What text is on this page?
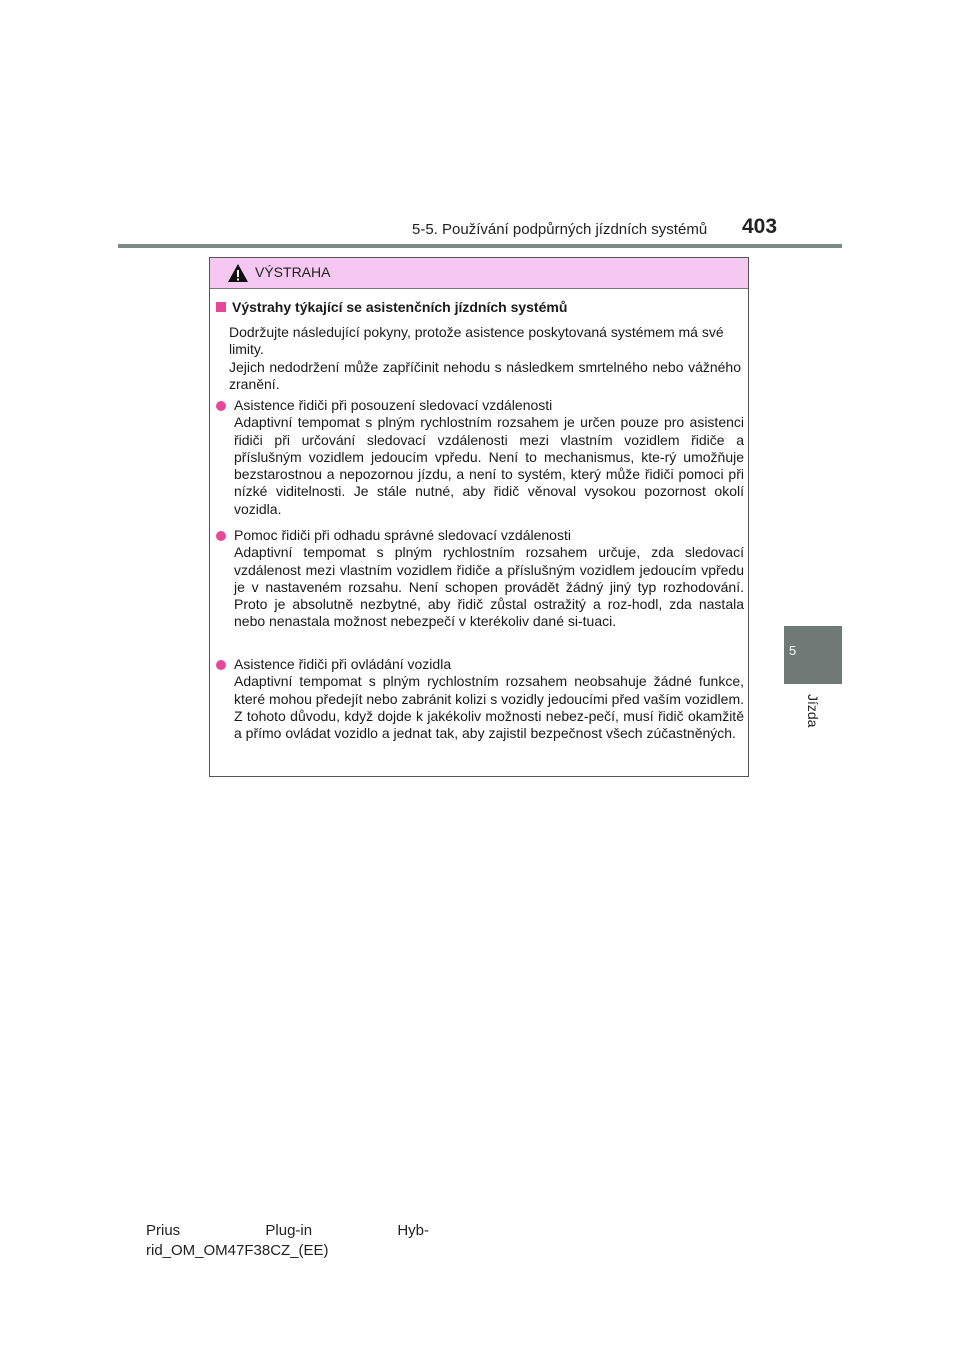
5-5. Používání podpůrných jízdních systémů 403
5
Jízda
VÝSTRAHA
Výstrahy týkající se asistenčních jízdních systémů
Dodržujte následující pokyny, protože asistence poskytovaná systémem má své limity.
Jejich nedodržení může zapříčinit nehodu s následkem smrtelného nebo vážného zranění.
Asistence řidiči při posouzení sledovací vzdálenosti
Adaptivní tempomat s plným rychlostním rozsahem je určen pouze pro asistenci řidiči při určování sledovací vzdálenosti mezi vlastním vozidlem řidiče a příslušným vozidlem jedoucím vpředu. Není to mechanismus, kte-rý umožňuje bezstarostnou a nepozornou jízdu, a není to systém, který může řidiči pomoci při nízké viditelnosti. Je stále nutné, aby řidič věnoval vysokou pozornost okolí vozidla.
Pomoc řidiči při odhadu správné sledovací vzdálenosti
Adaptivní tempomat s plným rychlostním rozsahem určuje, zda sledovací vzdálenost mezi vlastním vozidlem řidiče a příslušným vozidlem jedoucím vpředu je v nastaveném rozsahu. Není schopen provádět žádný jiný typ rozhodování. Proto je absolutně nezbytné, aby řidič zůstal ostražitý a roz-hodl, zda nastala nebo nenastala možnost nebezpečí v kterékoliv dané si-tuaci.
Asistence řidiči při ovládání vozidla
Adaptivní tempomat s plným rychlostním rozsahem neobsahuje žádné funkce, které mohou předejít nebo zabránit kolizi s vozidly jedoucími před vaším vozidlem. Z tohoto důvodu, když dojde k jakékoliv možnosti nebez-pečí, musí řidič okamžitě a přímo ovládat vozidlo a jednat tak, aby zajistil bezpečnost všech zúčastněných.
Prius	Plug-in	Hyb-
rid_OM_OM47F38CZ_(EE)
